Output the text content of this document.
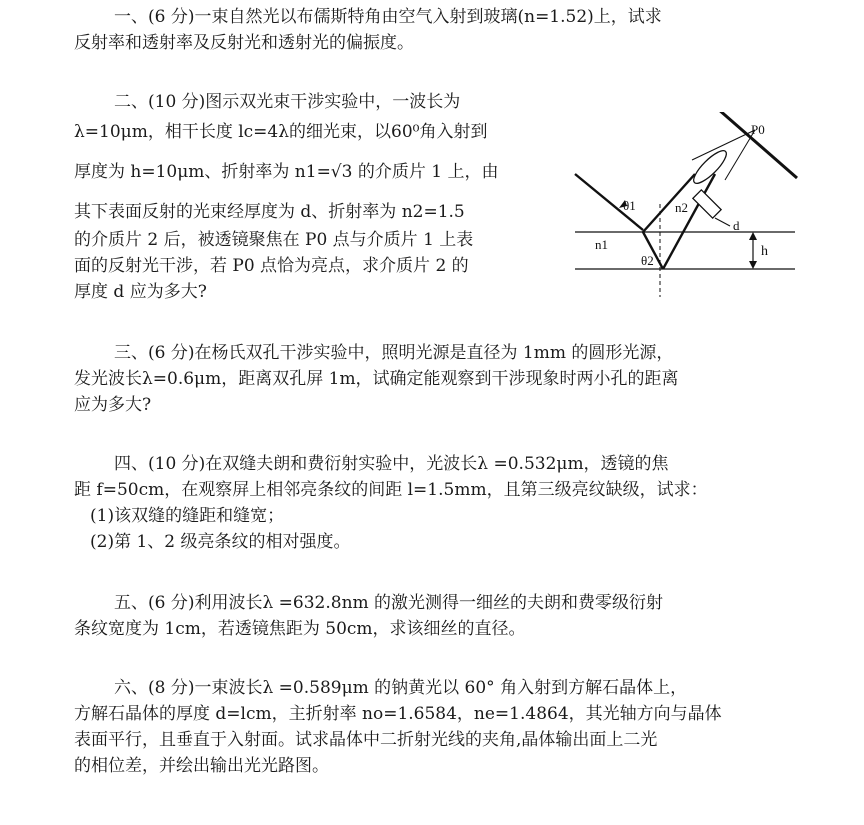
一、(6 分)一束自然光以布儒斯特角由空气入射到玻璃(n=1.52)上，试求
反射率和透射率及反射光和透射光的偏振度。
二、(10 分)图示双光束干涉实验中，一波长为
λ=10μm，相干长度 lc=4λ的细光束，以60⁰角入射到
厚度为 h=10μm、折射率为 n1=√3 的介质片 1 上，由
其下表面反射的光束经厚度为 d、折射率为 n2=1.5
的介质片 2 后，被透镜聚焦在 P0 点与介质片 1 上表
面的反射光干涉，若 P0 点恰为亮点，求介质片 2 的
厚度 d 应为多大?
P0
θ1
θ2
n1
n2
d
h
三、(6 分)在杨氏双孔干涉实验中，照明光源是直径为 1mm 的圆形光源，
发光波长λ=0.6μm，距离双孔屏 1m，试确定能观察到干涉现象时两小孔的距离
应为多大?
四、(10 分)在双缝夫朗和费衍射实验中，光波长λ =0.532μm，透镜的焦
距 f=50cm，在观察屏上相邻亮条纹的间距 l=1.5mm，且第三级亮纹缺级，试求：
(1)该双缝的缝距和缝宽；
(2)第 1、2 级亮条纹的相对强度。
五、(6 分)利用波长λ =632.8nm 的激光测得一细丝的夫朗和费零级衍射
条纹宽度为 1cm，若透镜焦距为 50cm，求该细丝的直径。
六、(8 分)一束波长λ =0.589μm 的钠黄光以 60° 角入射到方解石晶体上，
方解石晶体的厚度 d=lcm，主折射率 no=1.6584，ne=1.4864，其光轴方向与晶体
表面平行，且垂直于入射面。试求晶体中二折射光线的夹角,晶体输出面上二光
的相位差，并绘出输出光光路图。
